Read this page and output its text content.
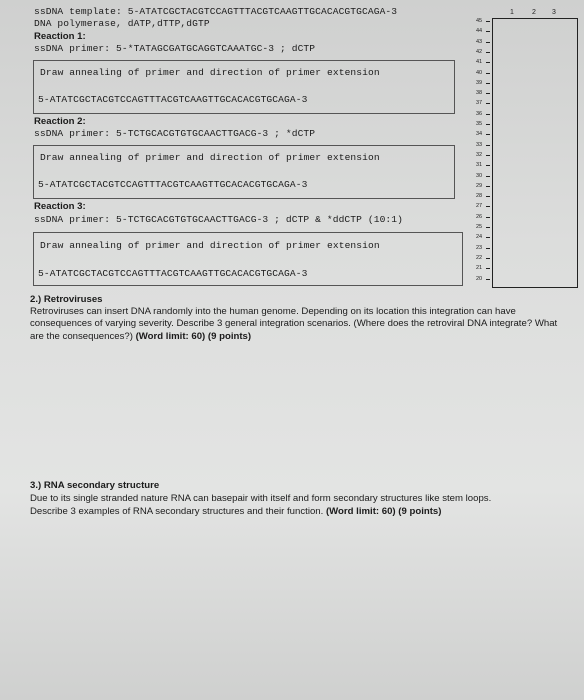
ssDNA template: 5-ATATCGCTACGTCCAGTTTACGTCAAGTTGCACACGTGCAGA-3
DNA polymerase, dATP,dTTP,dGTP
Reaction 1:
ssDNA primer: 5-*TATAGCGATGCAGGTCAAATGC-3 ; dCTP
Draw annealing of primer and direction of primer extension
5-ATATCGCTACGTCCAGTTTACGTCAAGTTGCACACGTGCAGA-3
Reaction 2:
ssDNA primer: 5-TCTGCACGTGTGCAACTTGACG-3 ; *dCTP
Draw annealing of primer and direction of primer extension
5-ATATCGCTACGTCCAGTTTACGTCAAGTTGCACACGTGCAGA-3
Reaction 3:
ssDNA primer: 5-TCTGCACGTGTGCAACTTGACG-3 ; dCTP & *ddCTP (10:1)
Draw annealing of primer and direction of primer extension
5-ATATCGCTACGTCCAGTTTACGTCAAGTTGCACACGTGCAGA-3
1	2 3
45
44
43
42
41
40
39
38
37
36
35
34
33
32
31
30
29
28
27
26
25
24
23
22
21
20
2.) Retroviruses
Retroviruses can insert DNA randomly into the human genome. Depending on its location this integration can have consequences of varying severity. Describe 3 general integration scenarios. (Where does the retroviral DNA integrate? What are the consequences?) (Word limit: 60) (9 points)
3.) RNA secondary structure
Due to its single stranded nature RNA can basepair with itself and form secondary structures like stem loops.
Describe 3 examples of RNA secondary structures and their function. (Word limit: 60) (9 points)
